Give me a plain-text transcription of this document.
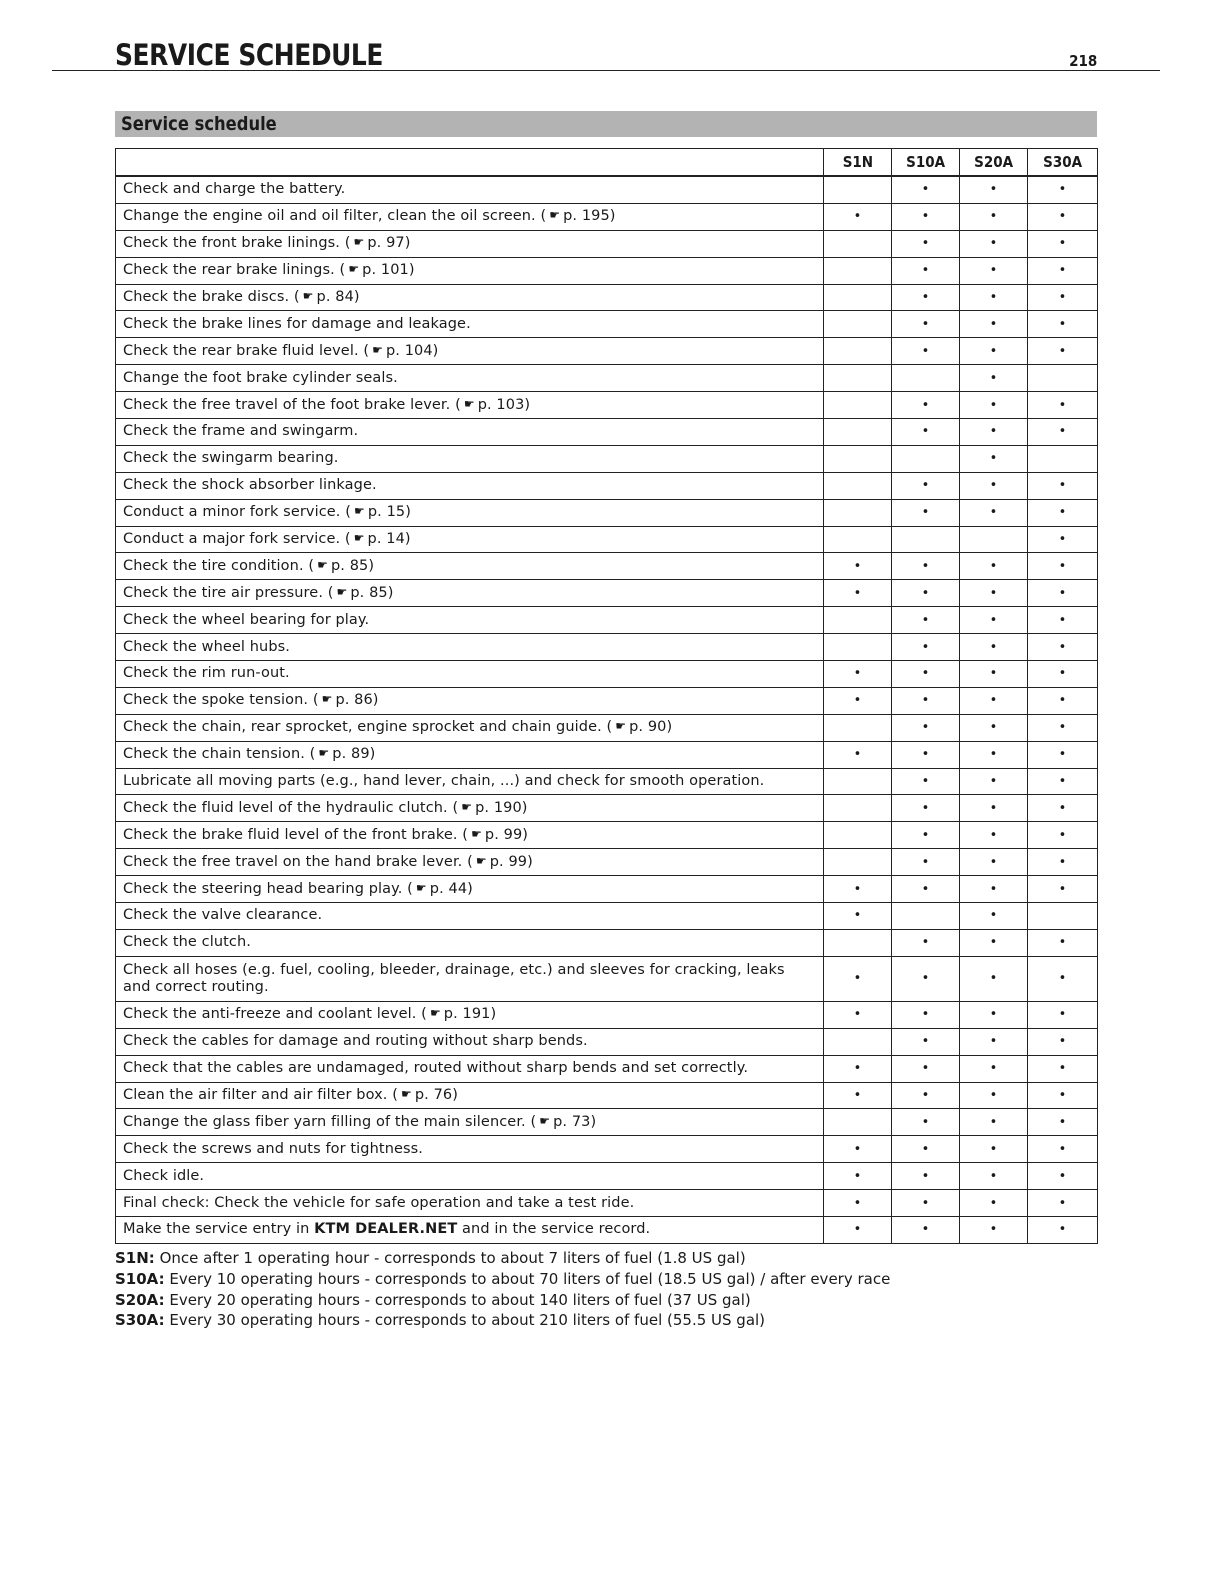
SERVICE SCHEDULE	218
Service schedule
	S1N	S10A	S20A	S30A
Check and charge the battery.		•	•	•
Change the engine oil and oil filter, clean the oil screen. ( ☛ p. 195)	•	•	•	•
Check the front brake linings. ( ☛ p. 97)		•	•	•
Check the rear brake linings. ( ☛ p. 101)		•	•	•
Check the brake discs. ( ☛ p. 84)		•	•	•
Check the brake lines for damage and leakage.		•	•	•
Check the rear brake fluid level. ( ☛ p. 104)		•	•	•
Change the foot brake cylinder seals.			•	
Check the free travel of the foot brake lever. ( ☛ p. 103)		•	•	•
Check the frame and swingarm.		•	•	•
Check the swingarm bearing.			•	
Check the shock absorber linkage.		•	•	•
Conduct a minor fork service. ( ☛ p. 15)		•	•	•
Conduct a major fork service. ( ☛ p. 14)				•
Check the tire condition. ( ☛ p. 85)	•	•	•	•
Check the tire air pressure. ( ☛ p. 85)	•	•	•	•
Check the wheel bearing for play.		•	•	•
Check the wheel hubs.		•	•	•
Check the rim run-out.	•	•	•	•
Check the spoke tension. ( ☛ p. 86)	•	•	•	•
Check the chain, rear sprocket, engine sprocket and chain guide. ( ☛ p. 90)		•	•	•
Check the chain tension. ( ☛ p. 89)	•	•	•	•
Lubricate all moving parts (e.g., hand lever, chain, ...) and check for smooth operation.		•	•	•
Check the fluid level of the hydraulic clutch. ( ☛ p. 190)		•	•	•
Check the brake fluid level of the front brake. ( ☛ p. 99)		•	•	•
Check the free travel on the hand brake lever. ( ☛ p. 99)		•	•	•
Check the steering head bearing play. ( ☛ p. 44)	•	•	•	•
Check the valve clearance.	•		•	
Check the clutch.		•	•	•
Check all hoses (e.g. fuel, cooling, bleeder, drainage, etc.) and sleeves for cracking, leaks and correct routing.	•	•	•	•
Check the anti-freeze and coolant level. ( ☛ p. 191)	•	•	•	•
Check the cables for damage and routing without sharp bends.		•	•	•
Check that the cables are undamaged, routed without sharp bends and set correctly.	•	•	•	•
Clean the air filter and air filter box. ( ☛ p. 76)	•	•	•	•
Change the glass fiber yarn filling of the main silencer. ( ☛ p. 73)		•	•	•
Check the screws and nuts for tightness.	•	•	•	•
Check idle.	•	•	•	•
Final check: Check the vehicle for safe operation and take a test ride.	•	•	•	•
Make the service entry in KTM DEALER.NET and in the service record.	•	•	•	•
S1N: Once after 1 operating hour - corresponds to about 7 liters of fuel (1.8 US gal)
S10A: Every 10 operating hours - corresponds to about 70 liters of fuel (18.5 US gal) / after every race
S20A: Every 20 operating hours - corresponds to about 140 liters of fuel (37 US gal)
S30A: Every 30 operating hours - corresponds to about 210 liters of fuel (55.5 US gal)
